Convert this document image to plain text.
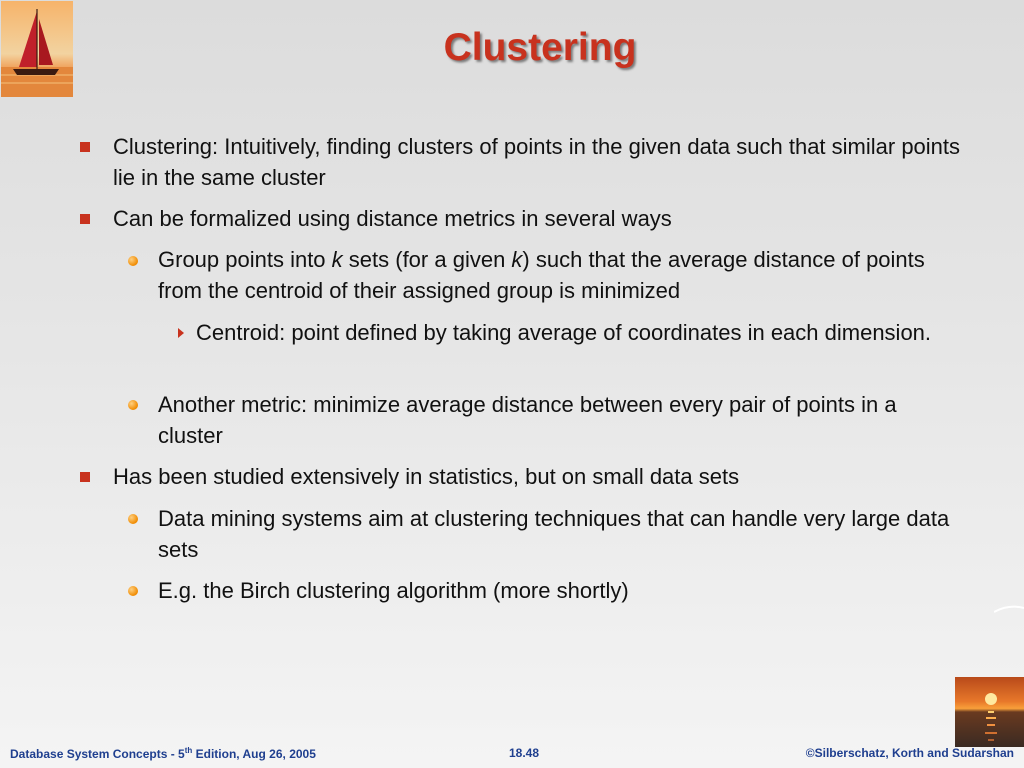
Clustering

Clustering: Intuitively, finding clusters of points in the given data such that similar points lie in the same cluster

Can be formalized using distance metrics in several ways

Group points into k sets (for a given k) such that the average distance of points from the centroid of their assigned group is minimized

Centroid: point defined by taking average of coordinates in each dimension.

Another metric: minimize average distance between every pair of points in a cluster

Has been studied extensively in statistics, but on small data sets

Data mining systems aim at clustering techniques that can handle very large data sets

E.g. the Birch clustering algorithm (more shortly)

Database System Concepts - 5th Edition, Aug 26, 2005	18.48	©Silberschatz, Korth and Sudarshan
